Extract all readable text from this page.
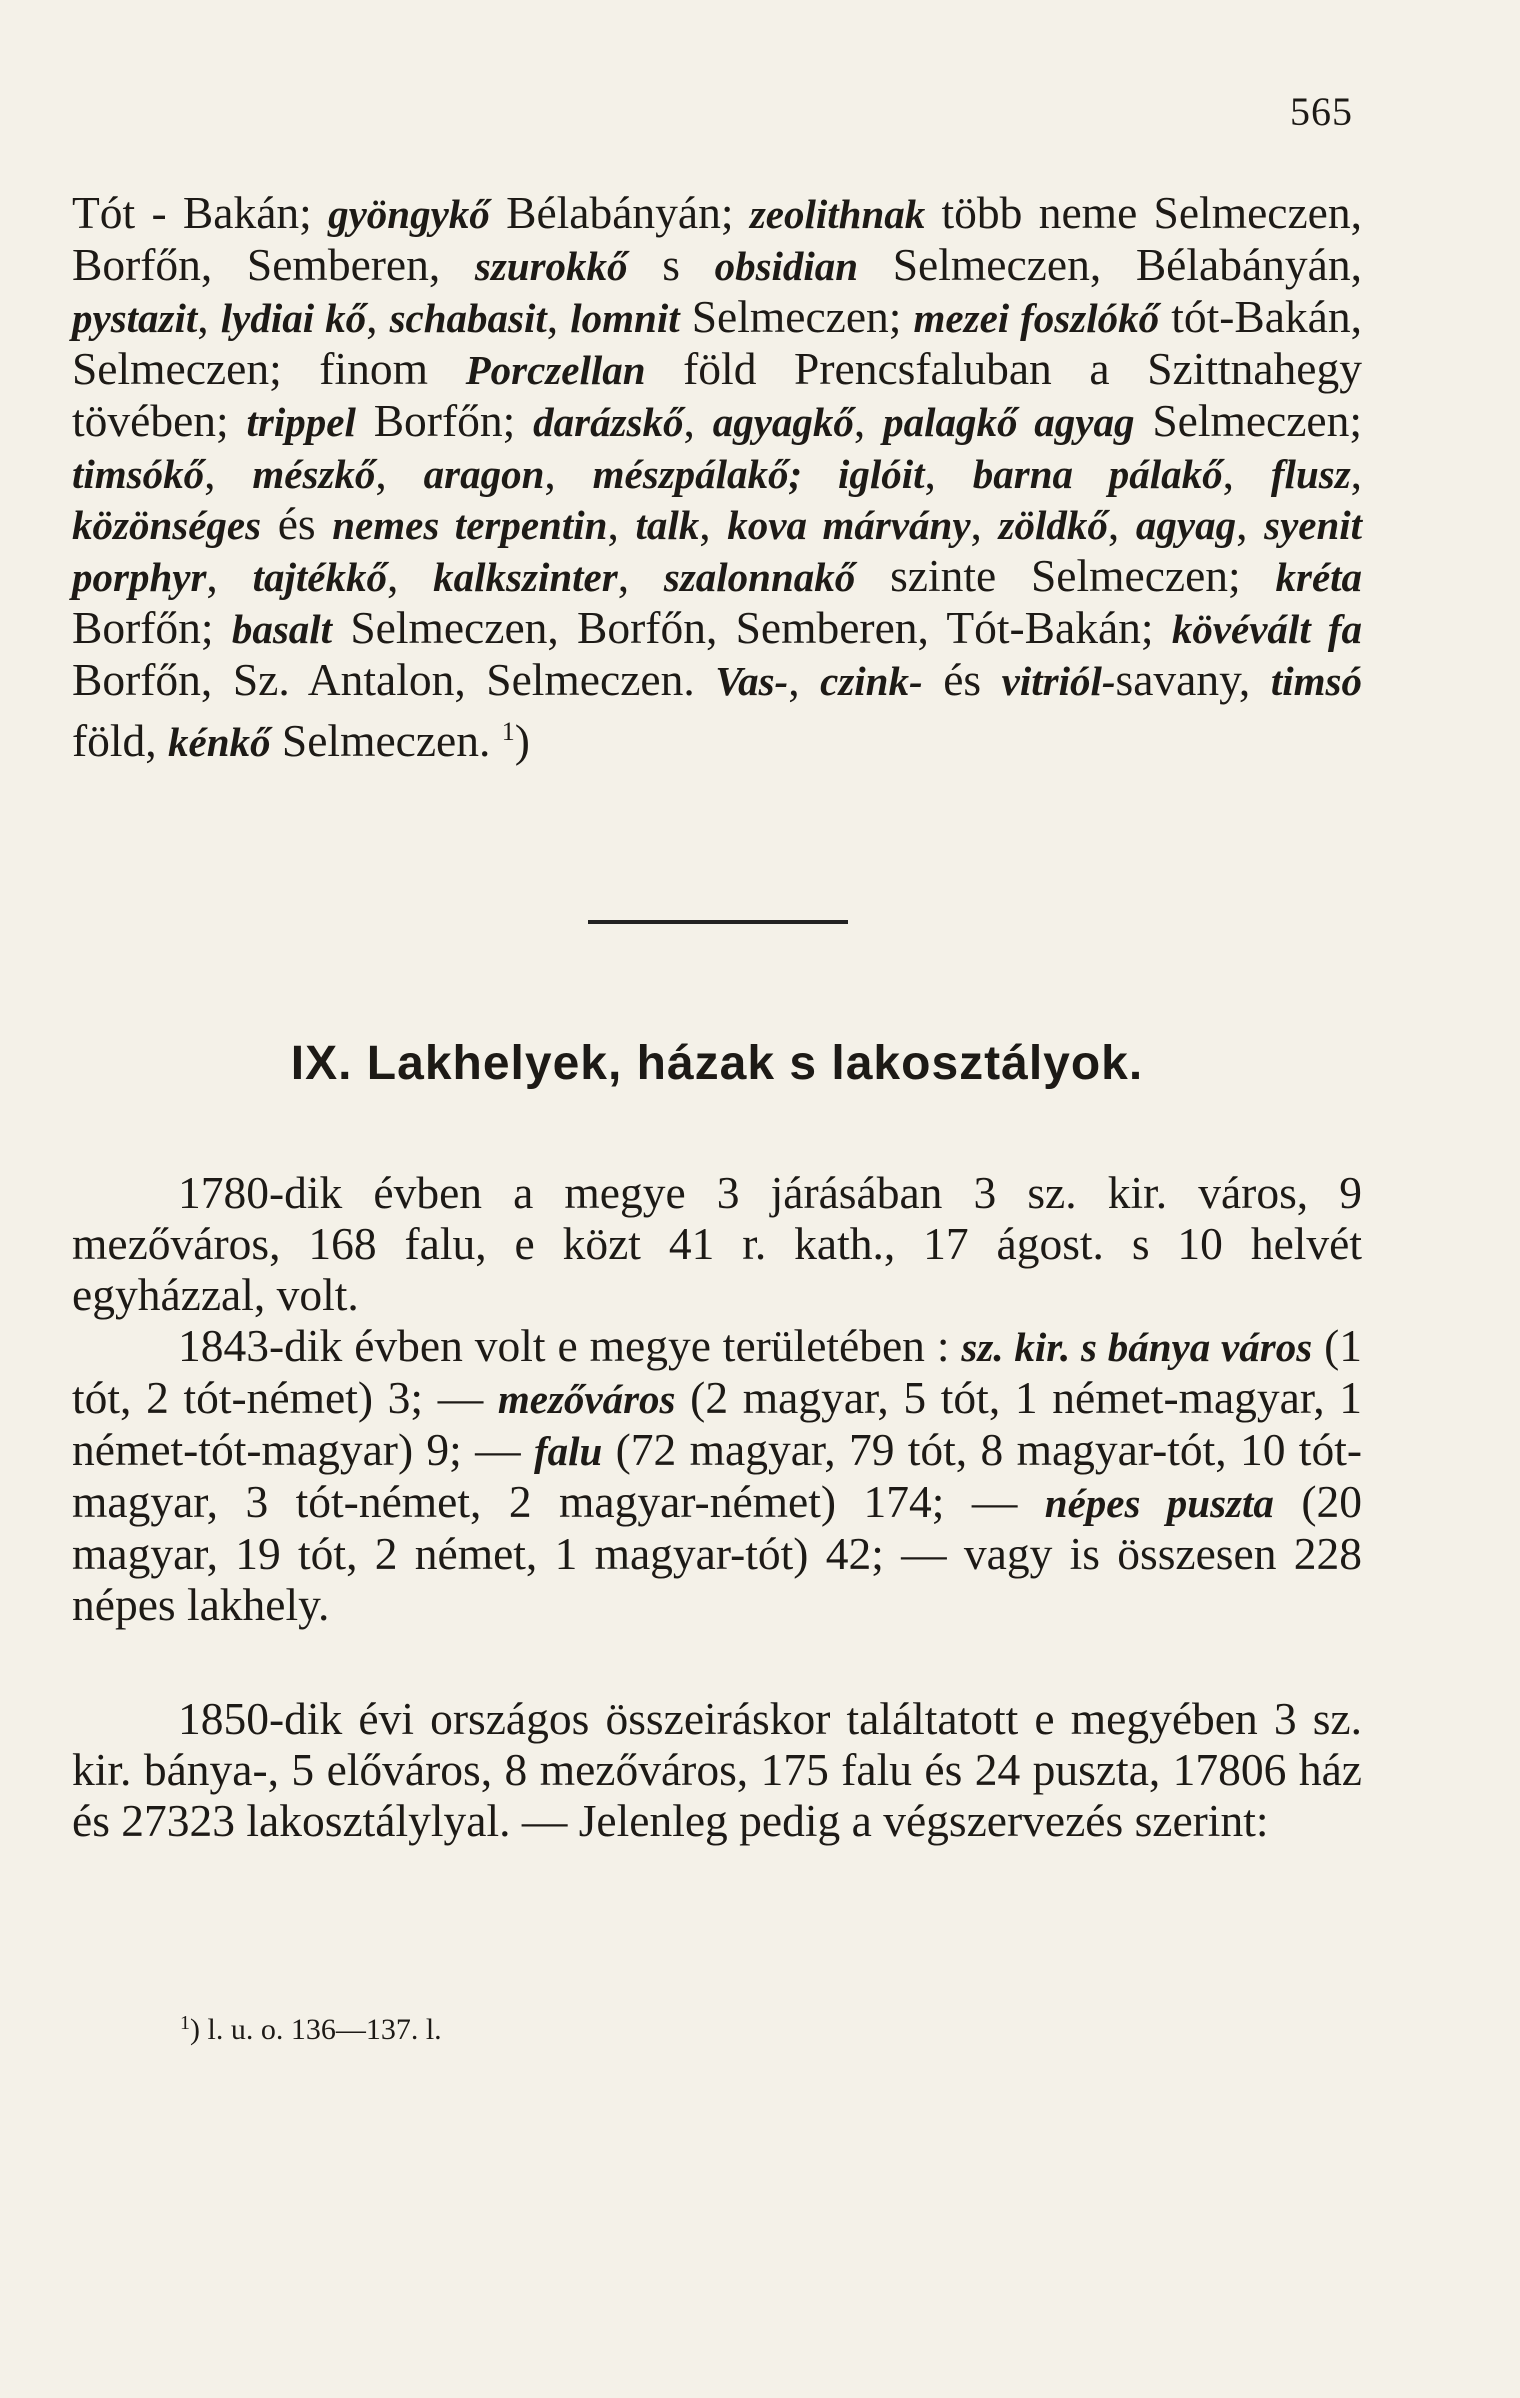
565

Tót - Bakán; gyöngykő Bélabányán; zeolithnak több neme Selmeczen, Borfőn, Semberen, szurokkő s obsidian Selmeczen, Bélabányán, pystazit, lydiai kő, schabasit, lomnit Selmeczen; mezei foszlókő tót-Bakán, Selmeczen; finom Porczellan föld Prencsfaluban a Szittnahegy tövében; trippel Borfőn; darázskő, agyagkő, palagkő agyag Selmeczen; timsókő, mészkő, aragon, mészpálakő; iglóit, barna pálakő, flusz, közönséges és nemes terpentin, talk, kova márvány, zöldkő, agyag, syenit porphyr, tajtékkő, kalkszinter, szalonnakő szinte Selmeczen; kréta Borfőn; basalt Selmeczen, Borfőn, Semberen, Tót-Bakán; kövévált fa Borfőn, Sz. Antalon, Selmeczen. Vas-, czink- és vitriól-savany, timsó föld, kénkő Selmeczen. $^1$)

IX. Lakhelyek, házak s lakosztályok.

1780-dik évben a megye 3 járásában 3 sz. kir. város, 9 mezőváros, 168 falu, e közt 41 r. kath., 17 ágost. s 10 helvét egyházzal, volt.

1843-dik évben volt e megye területében : sz. kir. s bánya város (1 tót, 2 tót-német) 3; — mezőváros (2 magyar, 5 tót, 1 német-magyar, 1 német-tót-magyar) 9; — falu (72 magyar, 79 tót, 8 magyar-tót, 10 tót-magyar, 3 tót-német, 2 magyar-német) 174; — népes puszta (20 magyar, 19 tót, 2 német, 1 magyar-tót) 42; — vagy is összesen 228 népes lakhely.

1850-dik évi országos összeiráskor találtatott e megyében 3 sz. kir. bánya-, 5 előváros, 8 mezőváros, 175 falu és 24 puszta, 17806 ház és 27323 lakosztálylyal. — Jelenleg pedig a végszervezés szerint:

$^1$) l. u. o. 136—137. l.
